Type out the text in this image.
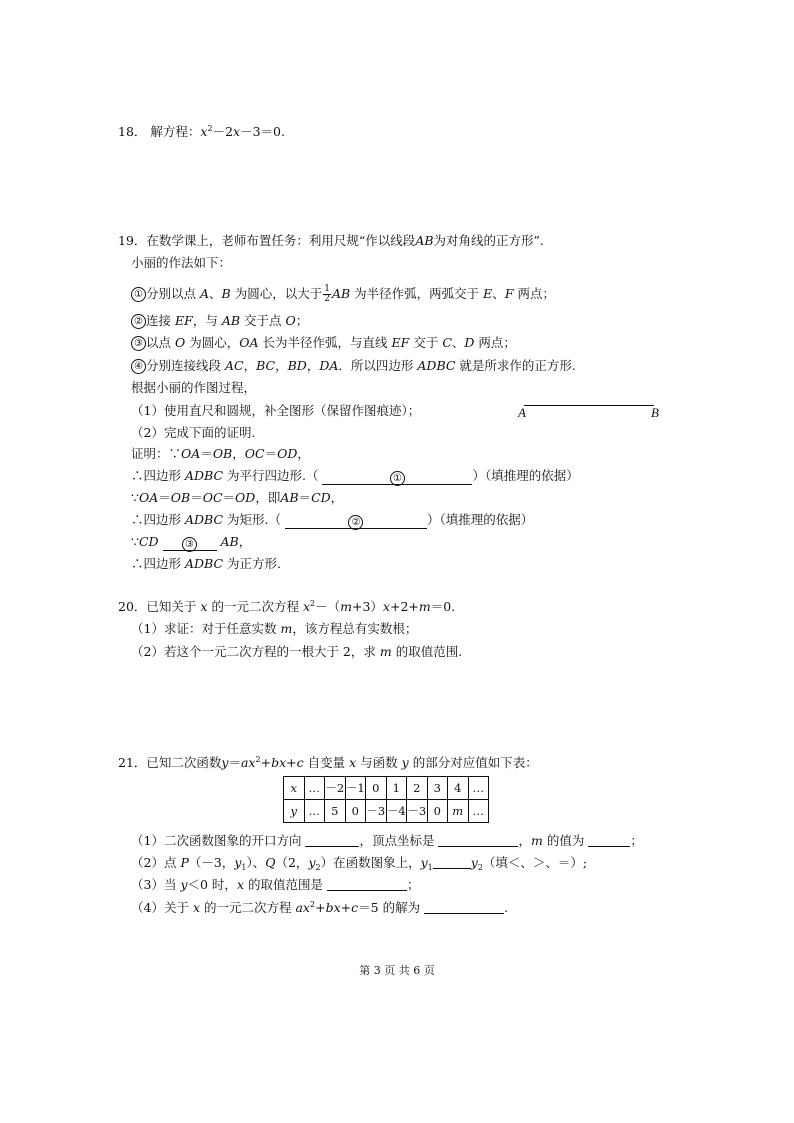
18． 解方程：$x^2-2x-3=0$.
19．在数学课上，老师布置任务：利用尺规“作以线段AB为对角线的正方形”.
小丽的作法如下：
① 分别以点 A、B 为圆心，以大于 $\frac{1}{2}$ AB 为半径作弧，两弧交于 E、F 两点；
② 连接 EF，与 AB 交于点 O；
③ 以点 O 为圆心，OA 长为半径作弧，与直线 EF 交于 C、D 两点；
④ 分别连接线段 AC，BC，BD，DA．所以四边形 ADBC 就是所求作的正方形.
根据小丽的作图过程，
（1）使用直尺和圆规，补全图形（保留作图痕迹）；	A	B
（2）完成下面的证明.
证明：∵OA＝OB，OC＝OD，
∴四边形 ADBC 为平行四边形.（	①	）（填推理的依据）
∵OA＝OB＝OC＝OD，即AB＝CD，
∴四边形 ADBC 为矩形.（	②	）（填推理的依据）
∵CD	③ AB，
∴四边形 ADBC 为正方形.
20．已知关于 x 的一元二次方程 $x^2-(m+3)x+2+m=0$.
（1）求证：对于任意实数 m，该方程总有实数根；
（2）若这个一元二次方程的一根大于 2，求 m 的取值范围.
21．已知二次函数$y=ax^2+bx+c$ 自变量 x 与函数 y 的部分对应值如下表：
x	…	－2	－1	0	1	2	3	4	…
y	…	5	0	－3	－4	－3	0	m	…
（1）二次函数图象的开口方向	，顶点坐标是	，m 的值为	；
（2）点 P（－3，$y_1$）、Q（2，$y_2$）在函数图象上，$y_1$	$y_2$（填＜、＞、＝）;
（3）当 y＜0 时，x 的取值范围是	；
（4）关于 x 的一元二次方程 $ax^2+bx+c=5$ 的解为	.
第 3 页 共 6 页
